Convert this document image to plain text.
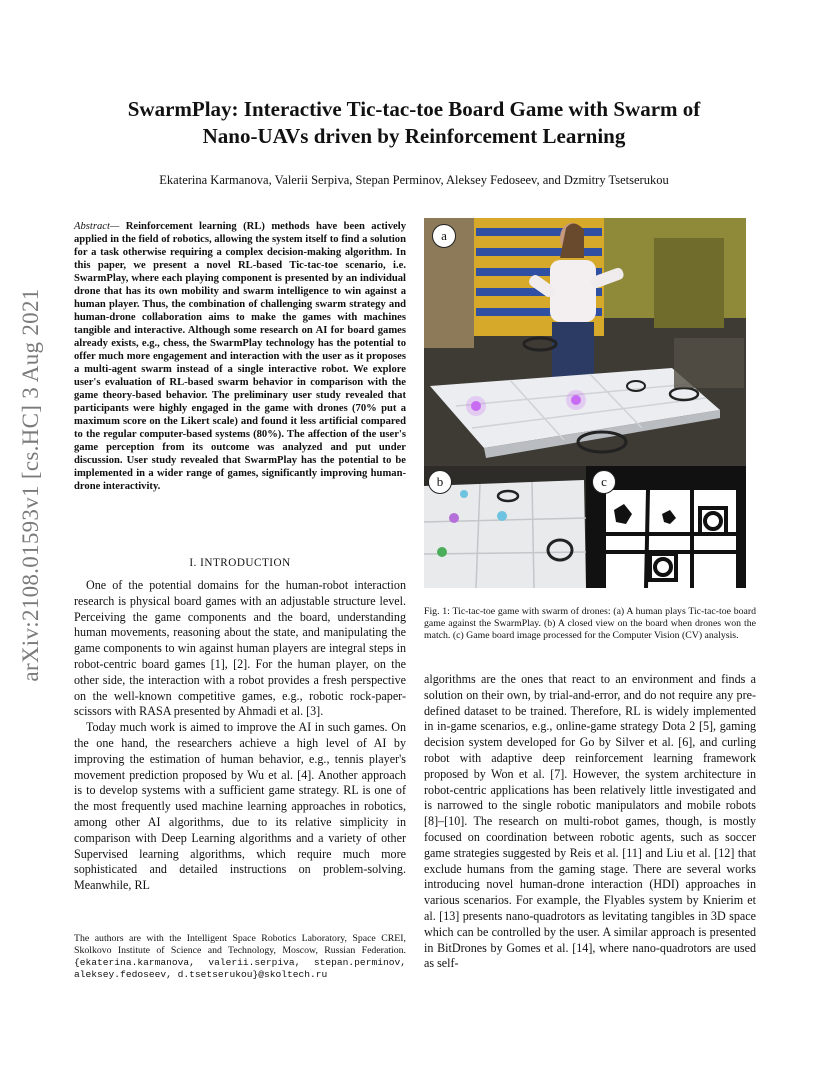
arXiv:2108.01593v1 [cs.HC] 3 Aug 2021
SwarmPlay: Interactive Tic-tac-toe Board Game with Swarm of
Nano-UAVs driven by Reinforcement Learning
Ekaterina Karmanova, Valerii Serpiva, Stepan Perminov, Aleksey Fedoseev, and Dzmitry Tsetserukou
Abstract— Reinforcement learning (RL) methods have been actively applied in the field of robotics, allowing the system itself to find a solution for a task otherwise requiring a complex decision-making algorithm. In this paper, we present a novel RL-based Tic-tac-toe scenario, i.e. SwarmPlay, where each playing component is presented by an individual drone that has its own mobility and swarm intelligence to win against a human player. Thus, the combination of challenging swarm strategy and human-drone collaboration aims to make the games with machines tangible and interactive. Although some research on AI for board games already exists, e.g., chess, the SwarmPlay technology has the potential to offer much more engagement and interaction with the user as it proposes a multi-agent swarm instead of a single interactive robot. We explore user's evaluation of RL-based swarm behavior in comparison with the game theory-based behavior. The preliminary user study revealed that participants were highly engaged in the game with drones (70% put a maximum score on the Likert scale) and found it less artificial compared to the regular computer-based systems (80%). The affection of the user's game perception from its outcome was analyzed and put under discussion. User study revealed that SwarmPlay has the potential to be implemented in a wider range of games, significantly improving human-drone interactivity.
I. INTRODUCTION

One of the potential domains for the human-robot interaction research is physical board games with an adjustable structure level. Perceiving the game components and the board, understanding human movements, reasoning about the state, and manipulating the game components to win against human players are integral steps in robot-centric board games [1], [2]. For the human player, on the other side, the interaction with a robot provides a fresh perspective on the well-known competitive games, e.g., robotic rock-paper-scissors with RASA presented by Ahmadi et al. [3].

Today much work is aimed to improve the AI in such games. On the one hand, the researchers achieve a high level of AI by improving the estimation of human behavior, e.g., tennis player's movement prediction proposed by Wu et al. [4]. Another approach is to develop systems with a sufficient game strategy. RL is one of the most frequently used machine learning approaches in robotics, among other AI algorithms, due to its relative simplicity in comparison with Deep Learning algorithms and a variety of other Supervised learning algorithms, which require much more sophisticated and detailed instructions on problem-solving. Meanwhile, RL

The authors are with the Intelligent Space Robotics Laboratory, Space CREI, Skolkovo Institute of Science and Technology, Moscow, Russian Federation. {ekaterina.karmanova, valerii.serpiva, stepan.perminov, aleksey.fedoseev, d.tsetserukou}@skoltech.ru
a
b	c
Fig. 1: Tic-tac-toe game with swarm of drones: (a) A human plays Tic-tac-toe board game against the SwarmPlay. (b) A closed view on the board when drones won the match. (c) Game board image processed for the Computer Vision (CV) analysis.

algorithms are the ones that react to an environment and finds a solution on their own, by trial-and-error, and do not require any pre-defined dataset to be trained. Therefore, RL is widely implemented in in-game scenarios, e.g., online-game strategy Dota 2 [5], gaming decision system developed for Go by Silver et al. [6], and curling robot with adaptive deep reinforcement learning framework proposed by Won et al. [7]. However, the system architecture in robot-centric applications has been relatively little investigated and is narrowed to the single robotic manipulators and mobile robots [8]–[10]. The research on multi-robot games, though, is mostly focused on coordination between robotic agents, such as soccer game strategies suggested by Reis et al. [11] and Liu et al. [12] that exclude humans from the gaming stage. There are several works introducing novel human-drone interaction (HDI) approaches in various scenarios. For example, the Flyables system by Knierim et al. [13] presents nano-quadrotors as levitating tangibles in 3D space which can be controlled by the user. A similar approach is presented in BitDrones by Gomes et al. [14], where nano-quadrotors are used as self-
